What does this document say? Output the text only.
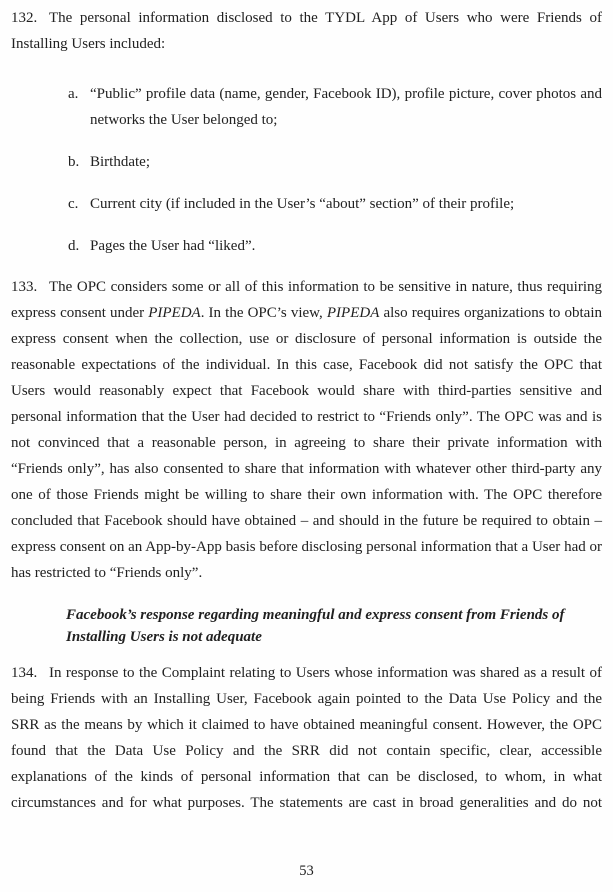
132. The personal information disclosed to the TYDL App of Users who were Friends of Installing Users included:

a. “Public” profile data (name, gender, Facebook ID), profile picture, cover photos and networks the User belonged to;
b. Birthdate;
c. Current city (if included in the User’s “about” section” of their profile;
d. Pages the User had “liked”.

133. The OPC considers some or all of this information to be sensitive in nature, thus requiring express consent under PIPEDA. In the OPC’s view, PIPEDA also requires organizations to obtain express consent when the collection, use or disclosure of personal information is outside the reasonable expectations of the individual. In this case, Facebook did not satisfy the OPC that Users would reasonably expect that Facebook would share with third-parties sensitive and personal information that the User had decided to restrict to “Friends only”. The OPC was and is not convinced that a reasonable person, in agreeing to share their private information with “Friends only”, has also consented to share that information with whatever other third-party any one of those Friends might be willing to share their own information with. The OPC therefore concluded that Facebook should have obtained – and should in the future be required to obtain – express consent on an App-by-App basis before disclosing personal information that a User had or has restricted to “Friends only”.

Facebook’s response regarding meaningful and express consent from Friends of
Installing Users is not adequate

134. In response to the Complaint relating to Users whose information was shared as a result of being Friends with an Installing User, Facebook again pointed to the Data Use Policy and the SRR as the means by which it claimed to have obtained meaningful consent. However, the OPC found that the Data Use Policy and the SRR did not contain specific, clear, accessible explanations of the kinds of personal information that can be disclosed, to whom, in what circumstances and for what purposes. The statements are cast in broad generalities and do not

53
